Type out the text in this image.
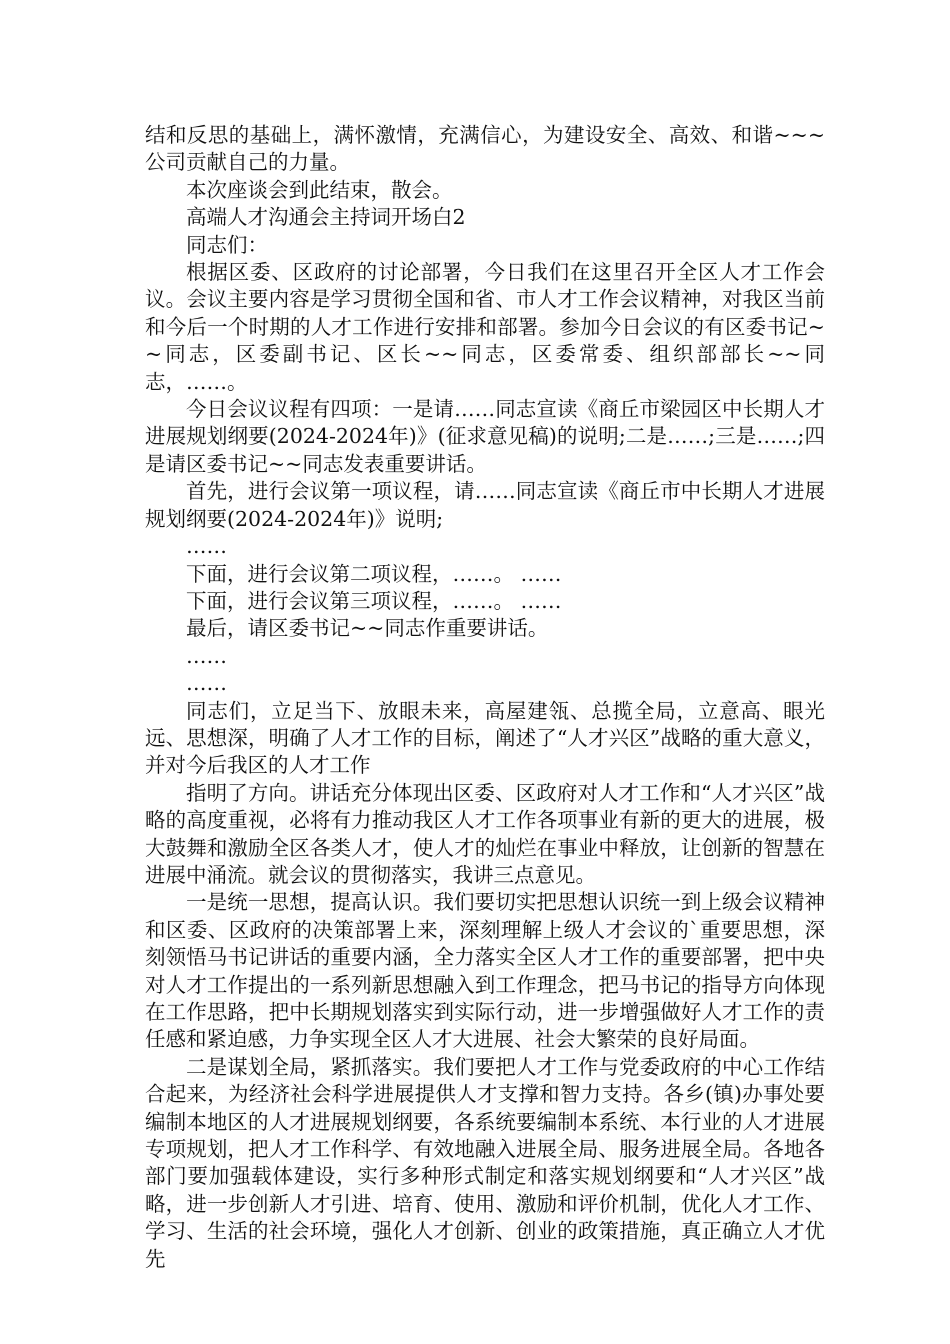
结和反思的基础上，满怀激情，充满信心，为建设安全、高效、和谐~~~公司贡献自己的力量。

本次座谈会到此结束，散会。

高端人才沟通会主持词开场白2

同志们：

根据区委、区政府的讨论部署，今日我们在这里召开全区人才工作会议。会议主要内容是学习贯彻全国和省、市人才工作会议精神，对我区当前和今后一个时期的人才工作进行安排和部署。参加今日会议的有区委书记~~同志，区委副书记、区长~~同志，区委常委、组织部部长~~同志，……。

今日会议议程有四项：一是请……同志宣读《商丘市梁园区中长期人才进展规划纲要(2024-2024年)》(征求意见稿)的说明;二是……;三是……;四是请区委书记~~同志发表重要讲话。

首先，进行会议第一项议程，请……同志宣读《商丘市中长期人才进展规划纲要(2024-2024年)》说明;

……

下面，进行会议第二项议程，……。 ……

下面，进行会议第三项议程，……。 ……

最后，请区委书记~~同志作重要讲话。

……

……

同志们，立足当下、放眼未来，高屋建瓴、总揽全局，立意高、眼光远、思想深，明确了人才工作的目标，阐述了“人才兴区”战略的重大意义，并对今后我区的人才工作

指明了方向。讲话充分体现出区委、区政府对人才工作和“人才兴区”战略的高度重视，必将有力推动我区人才工作各项事业有新的更大的进展，极大鼓舞和激励全区各类人才，使人才的灿烂在事业中释放，让创新的智慧在进展中涌流。就会议的贯彻落实，我讲三点意见。

一是统一思想，提高认识。我们要切实把思想认识统一到上级会议精神和区委、区政府的决策部署上来，深刻理解上级人才会议的`重要思想，深刻领悟马书记讲话的重要内涵，全力落实全区人才工作的重要部署，把中央对人才工作提出的一系列新思想融入到工作理念，把马书记的指导方向体现在工作思路，把中长期规划落实到实际行动，进一步增强做好人才工作的责任感和紧迫感，力争实现全区人才大进展、社会大繁荣的良好局面。

二是谋划全局，紧抓落实。我们要把人才工作与党委政府的中心工作结合起来，为经济社会科学进展提供人才支撑和智力支持。各乡(镇)办事处要编制本地区的人才进展规划纲要，各系统要编制本系统、本行业的人才进展专项规划，把人才工作科学、有效地融入进展全局、服务进展全局。各地各部门要加强载体建设，实行多种形式制定和落实规划纲要和“人才兴区”战略，进一步创新人才引进、培育、使用、激励和评价机制，优化人才工作、学习、生活的社会环境，强化人才创新、创业的政策措施，真正确立人才优先
